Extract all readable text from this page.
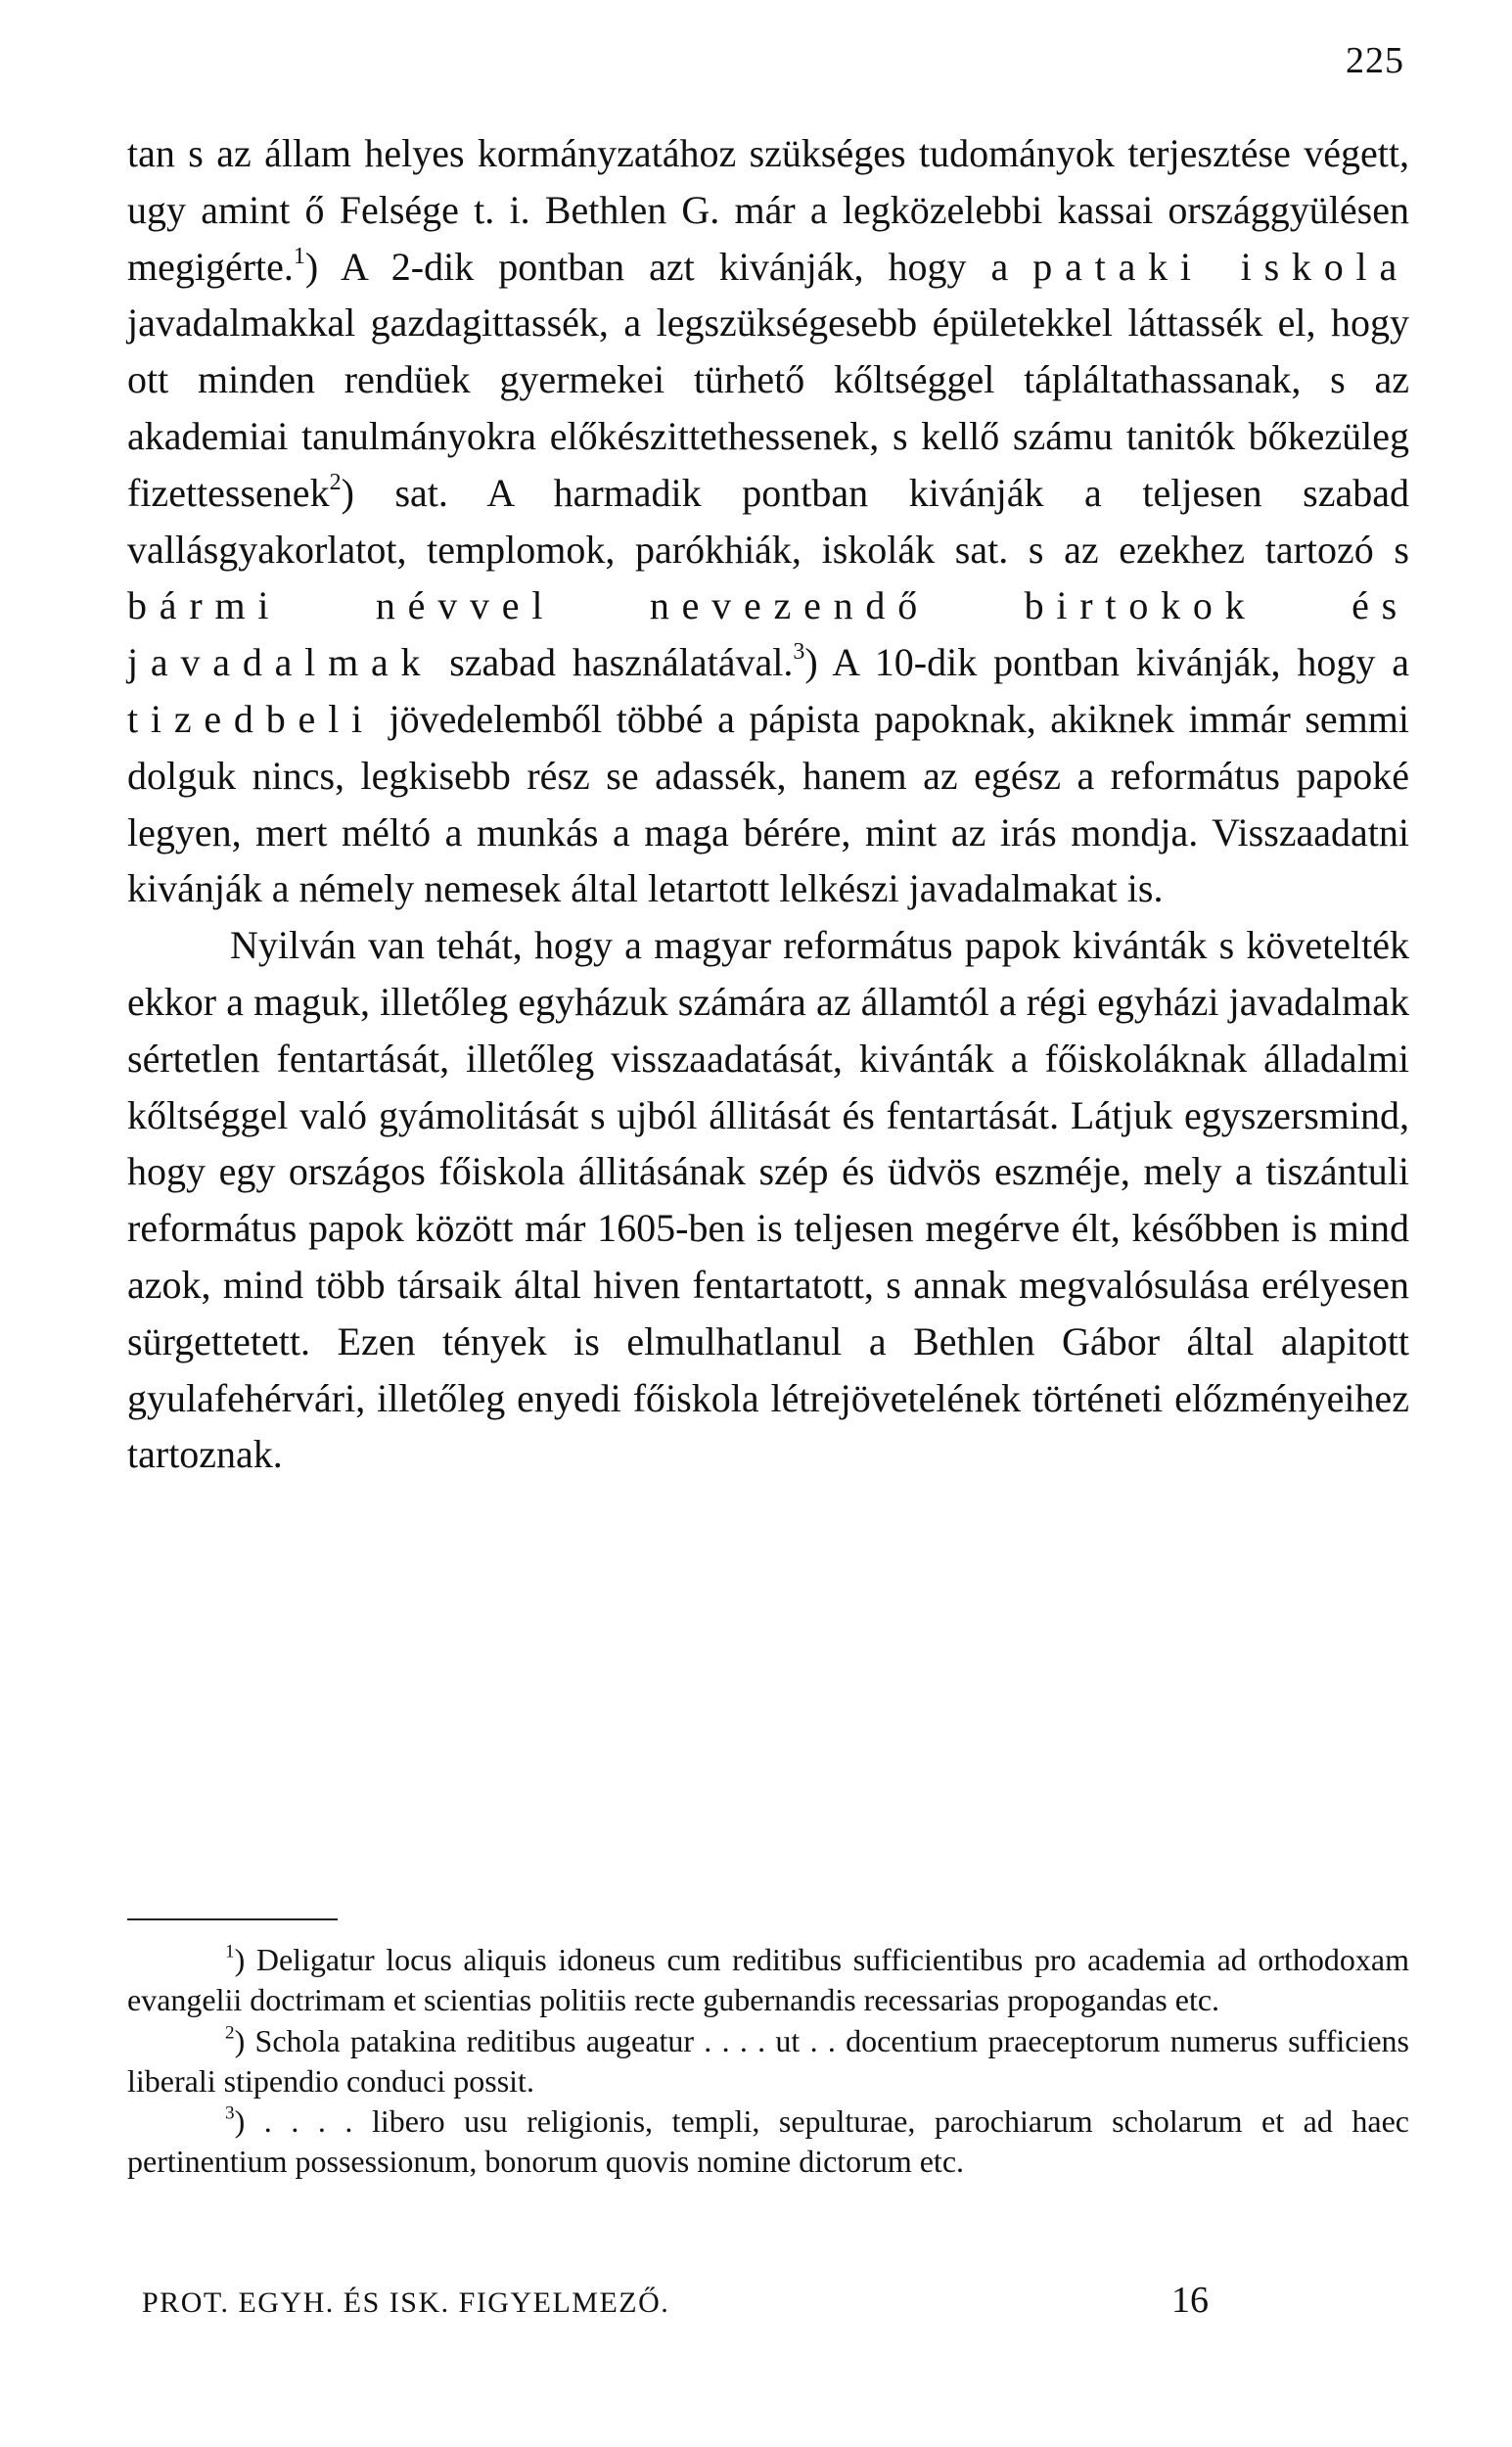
225

tan s az állam helyes kormányzatához szükséges tudományok terjesztése végett, ugy amint ő Felsége t. i. Bethlen G. már a legközelebbi kassai országgyülésen megigérte.$^1$) A 2-dik pontban azt kivánják, hogy a pataki iskola javadalmakkal gazdagittassék, a legszükségesebb épületekkel láttassék el, hogy ott minden rendüek gyermekei türhető kőltséggel tápláltathassanak, s az akademiai tanulmányokra előkészittethessenek, s kellő számu tanitók bőkezüleg fizettessenek$^2$) sat. A harmadik pontban kivánják a teljesen szabad vallásgyakorlatot, templomok, parókhiák, iskolák sat. s az ezekhez tartozó s bármi névvel nevezendő birtokok és javadalmak szabad használatával.$^3$) A 10-dik pontban kivánják, hogy a tizedbeli jövedelemből többé a pápista papoknak, akiknek immár semmi dolguk nincs, legkisebb rész se adassék, hanem az egész a református papoké legyen, mert méltó a munkás a maga bérére, mint az irás mondja. Visszaadatni kivánják a némely nemesek által letartott lelkészi javadalmakat is.

Nyilván van tehát, hogy a magyar református papok kivánták s követelték ekkor a maguk, illetőleg egyházuk számára az államtól a régi egyházi javadalmak sértetlen fentartását, illetőleg visszaadatását, kivánták a főiskoláknak álladalmi kőltséggel való gyámolitását s ujból állitását és fentartását. Látjuk egyszersmind, hogy egy országos főiskola állitásának szép és üdvös eszméje, mely a tiszántuli református papok között már 1605-ben is teljesen megérve élt, későbben is mind azok, mind több társaik által hiven fentartatott, s annak megvalósulása erélyesen sürgettetett. Ezen tények is elmulhatlanul a Bethlen Gábor által alapitott gyulafehérvári, illetőleg enyedi főiskola létrejövetelének történeti előzményeihez tartoznak.

$^1$) Deligatur locus aliquis idoneus cum reditibus sufficientibus pro academia ad orthodoxam evangelii doctrimam et scientias politiis recte gubernandis recessarias propogandas etc.

$^2$) Schola patakina reditibus augeatur . . . . ut . . docentium praeceptorum numerus sufficiens liberali stipendio conduci possit.

$^3$) . . . . libero usu religionis, templi, sepulturae, parochiarum scholarum et ad haec pertinentium possessionum, bonorum quovis nomine dictorum etc.

PROT. EGYH. ÉS ISK. FIGYELMEZŐ.	16
